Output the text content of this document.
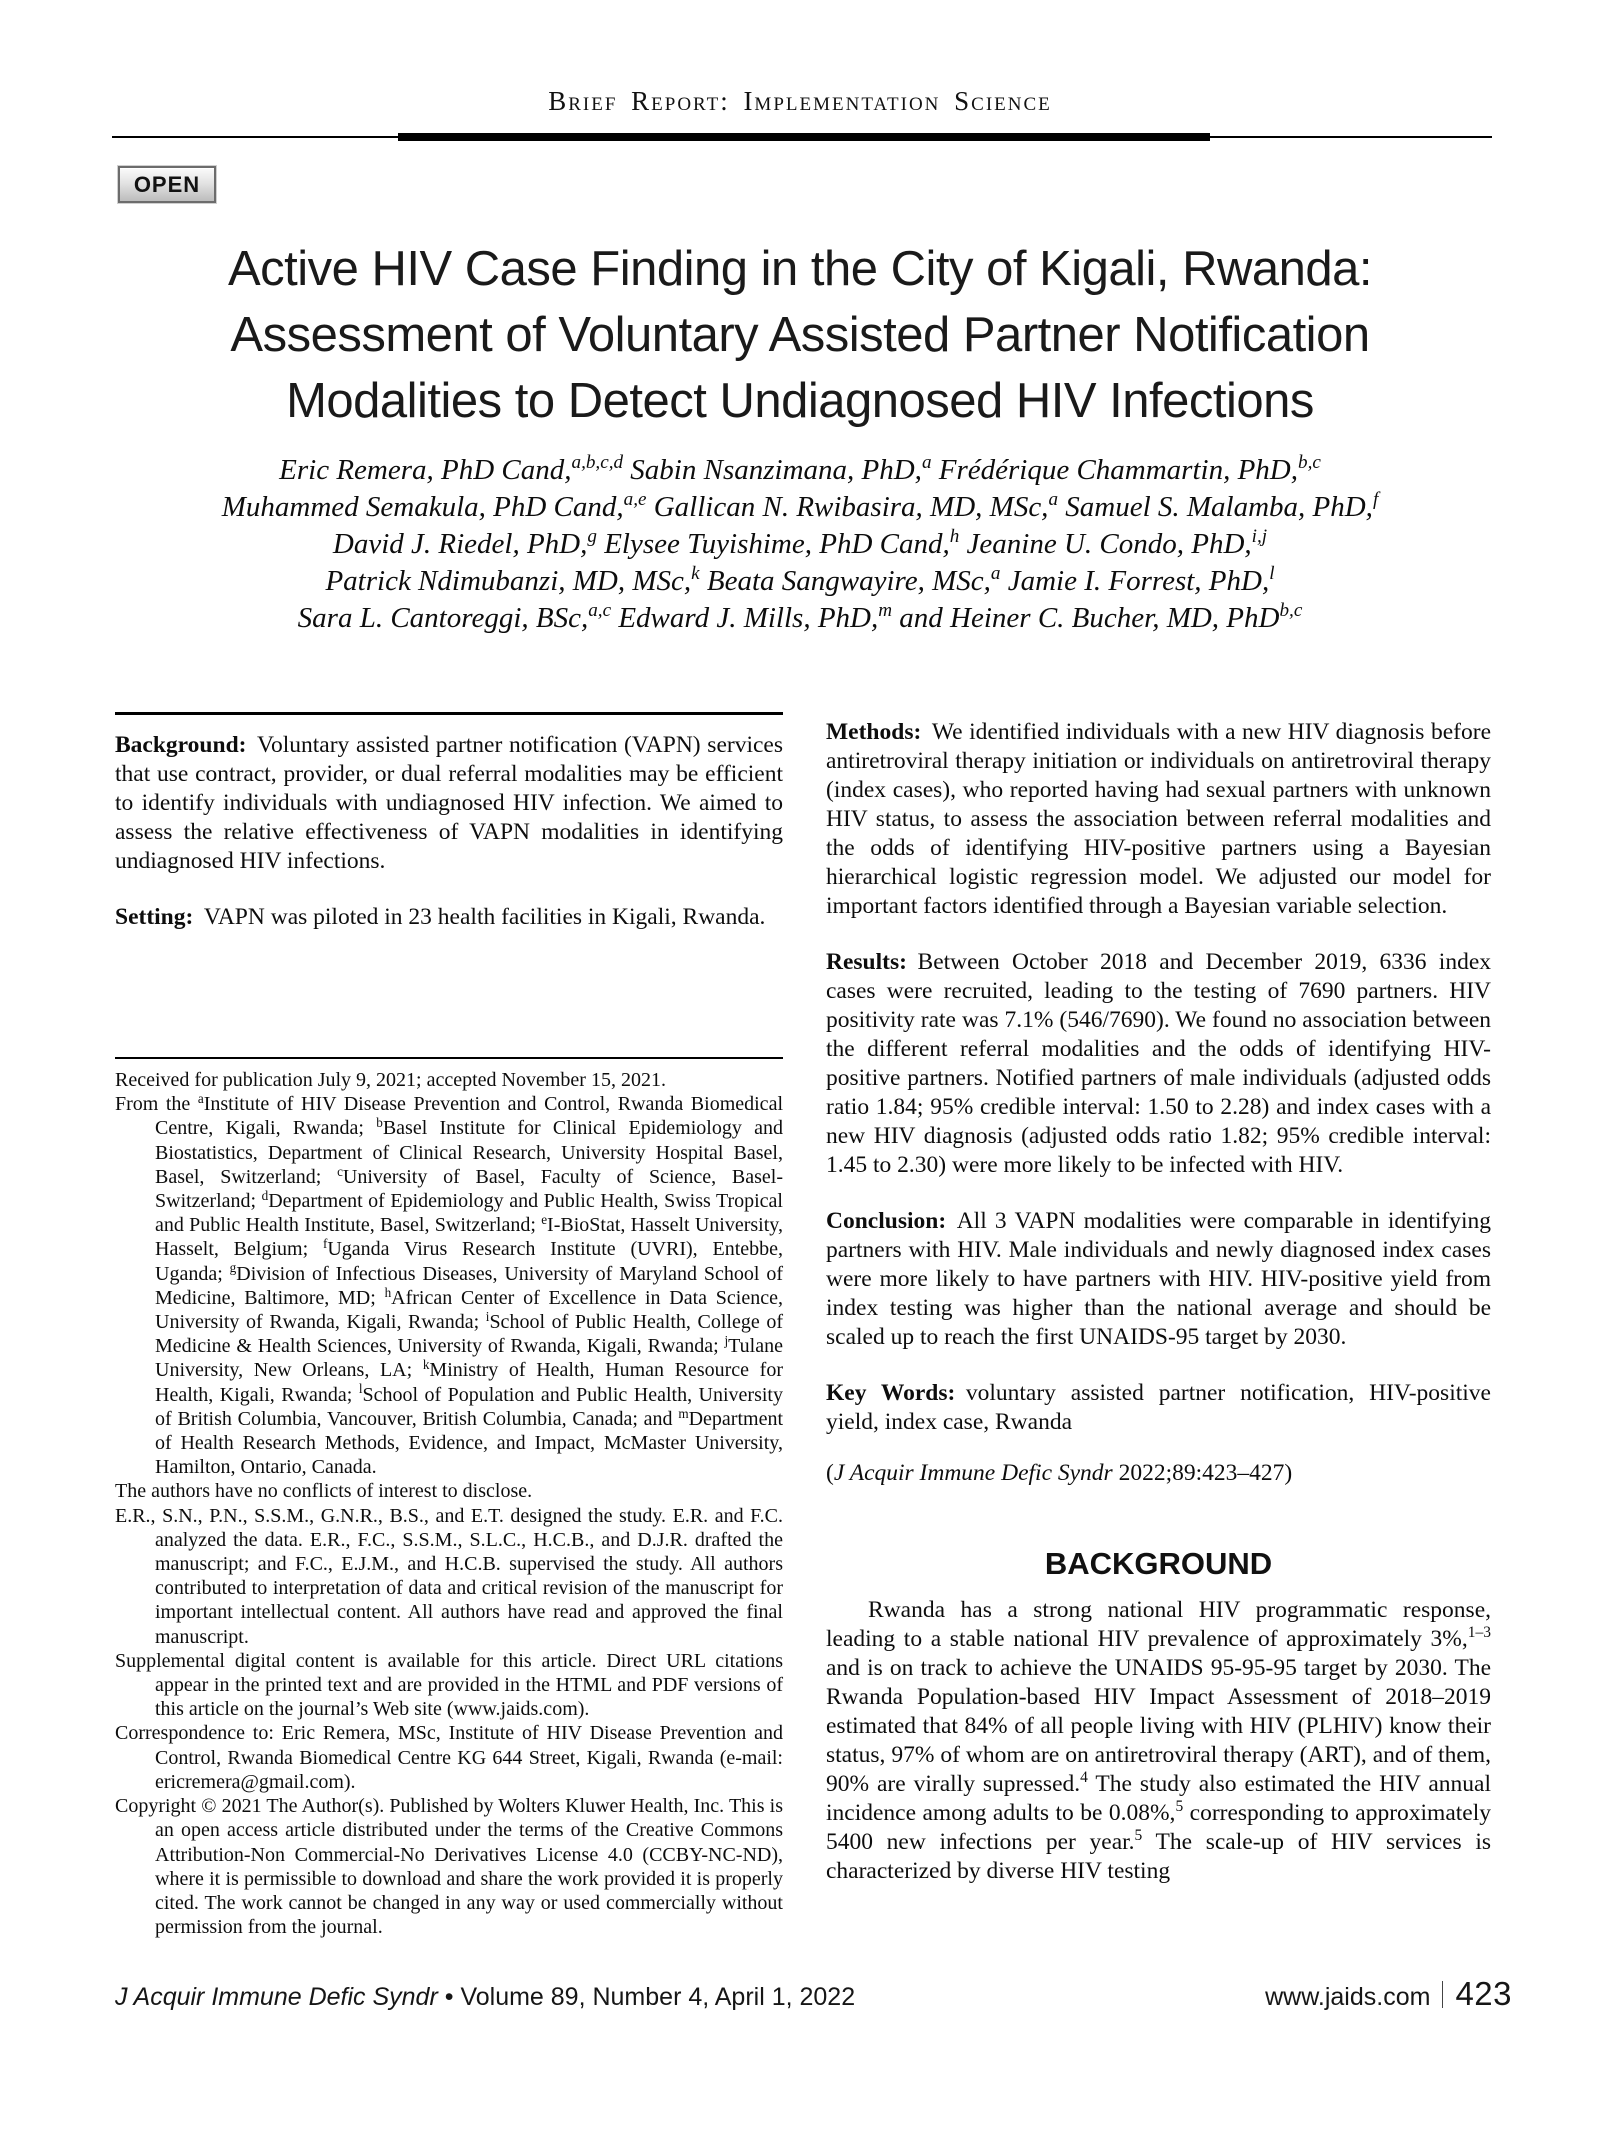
Brief Report: Implementation Science
OPEN
Active HIV Case Finding in the City of Kigali, Rwanda:
Assessment of Voluntary Assisted Partner Notification
Modalities to Detect Undiagnosed HIV Infections
Eric Remera, PhD Cand,$^{a,b,c,d}$ Sabin Nsanzimana, PhD,$^a$ Frédérique Chammartin, PhD,$^{b,c}$
Muhammed Semakula, PhD Cand,$^{a,e}$ Gallican N. Rwibasira, MD, MSc,$^a$ Samuel S. Malamba, PhD,$^f$
David J. Riedel, PhD,$^g$ Elysee Tuyishime, PhD Cand,$^h$ Jeanine U. Condo, PhD,$^{i,j}$
Patrick Ndimubanzi, MD, MSc,$^k$ Beata Sangwayire, MSc,$^a$ Jamie I. Forrest, PhD,$^l$
Sara L. Cantoreggi, BSc,$^{a,c}$ Edward J. Mills, PhD,$^m$ and Heiner C. Bucher, MD, PhD$^{b,c}$

Background: Voluntary assisted partner notification (VAPN) services that use contract, provider, or dual referral modalities may be efficient to identify individuals with undiagnosed HIV infection. We aimed to assess the relative effectiveness of VAPN modalities in identifying undiagnosed HIV infections.

Setting: VAPN was piloted in 23 health facilities in Kigali, Rwanda.

Received for publication July 9, 2021; accepted November 15, 2021.

From the $^a$Institute of HIV Disease Prevention and Control, Rwanda Biomedical Centre, Kigali, Rwanda; $^b$Basel Institute for Clinical Epidemiology and Biostatistics, Department of Clinical Research, University Hospital Basel, Basel, Switzerland; $^c$University of Basel, Faculty of Science, Basel-Switzerland; $^d$Department of Epidemiology and Public Health, Swiss Tropical and Public Health Institute, Basel, Switzerland; $^e$I-BioStat, Hasselt University, Hasselt, Belgium; $^f$Uganda Virus Research Institute (UVRI), Entebbe, Uganda; $^g$Division of Infectious Diseases, University of Maryland School of Medicine, Baltimore, MD; $^h$African Center of Excellence in Data Science, University of Rwanda, Kigali, Rwanda; $^i$School of Public Health, College of Medicine & Health Sciences, University of Rwanda, Kigali, Rwanda; $^j$Tulane University, New Orleans, LA; $^k$Ministry of Health, Human Resource for Health, Kigali, Rwanda; $^l$School of Population and Public Health, University of British Columbia, Vancouver, British Columbia, Canada; and $^m$Department of Health Research Methods, Evidence, and Impact, McMaster University, Hamilton, Ontario, Canada.

The authors have no conflicts of interest to disclose.

E.R., S.N., P.N., S.S.M., G.N.R., B.S., and E.T. designed the study. E.R. and F.C. analyzed the data. E.R., F.C., S.S.M., S.L.C., H.C.B., and D.J.R. drafted the manuscript; and F.C., E.J.M., and H.C.B. supervised the study. All authors contributed to interpretation of data and critical revision of the manuscript for important intellectual content. All authors have read and approved the final manuscript.

Supplemental digital content is available for this article. Direct URL citations appear in the printed text and are provided in the HTML and PDF versions of this article on the journal’s Web site (www.jaids.com).

Correspondence to: Eric Remera, MSc, Institute of HIV Disease Prevention and Control, Rwanda Biomedical Centre KG 644 Street, Kigali, Rwanda (e-mail: ericremera@gmail.com).

Copyright © 2021 The Author(s). Published by Wolters Kluwer Health, Inc. This is an open access article distributed under the terms of the Creative Commons Attribution-Non Commercial-No Derivatives License 4.0 (CCBY-NC-ND), where it is permissible to download and share the work provided it is properly cited. The work cannot be changed in any way or used commercially without permission from the journal.

Methods: We identified individuals with a new HIV diagnosis before antiretroviral therapy initiation or individuals on antiretroviral therapy (index cases), who reported having had sexual partners with unknown HIV status, to assess the association between referral modalities and the odds of identifying HIV-positive partners using a Bayesian hierarchical logistic regression model. We adjusted our model for important factors identified through a Bayesian variable selection.

Results: Between October 2018 and December 2019, 6336 index cases were recruited, leading to the testing of 7690 partners. HIV positivity rate was 7.1% (546/7690). We found no association between the different referral modalities and the odds of identifying HIV-positive partners. Notified partners of male individuals (adjusted odds ratio 1.84; 95% credible interval: 1.50 to 2.28) and index cases with a new HIV diagnosis (adjusted odds ratio 1.82; 95% credible interval: 1.45 to 2.30) were more likely to be infected with HIV.

Conclusion: All 3 VAPN modalities were comparable in identifying partners with HIV. Male individuals and newly diagnosed index cases were more likely to have partners with HIV. HIV-positive yield from index testing was higher than the national average and should be scaled up to reach the first UNAIDS-95 target by 2030.

Key Words: voluntary assisted partner notification, HIV-positive yield, index case, Rwanda

(J Acquir Immune Defic Syndr 2022;89:423–427)

BACKGROUND

Rwanda has a strong national HIV programmatic response, leading to a stable national HIV prevalence of approximately 3%,$^{1-3}$ and is on track to achieve the UNAIDS 95-95-95 target by 2030. The Rwanda Population-based HIV Impact Assessment of 2018–2019 estimated that 84% of all people living with HIV (PLHIV) know their status, 97% of whom are on antiretroviral therapy (ART), and of them, 90% are virally supressed.$^4$ The study also estimated the HIV annual incidence among adults to be 0.08%,$^5$ corresponding to approximately 5400 new infections per year.$^5$ The scale-up of HIV services is characterized by diverse HIV testing

J Acquir Immune Defic Syndr • Volume 89, Number 4, April 1, 2022	www.jaids.com 423
